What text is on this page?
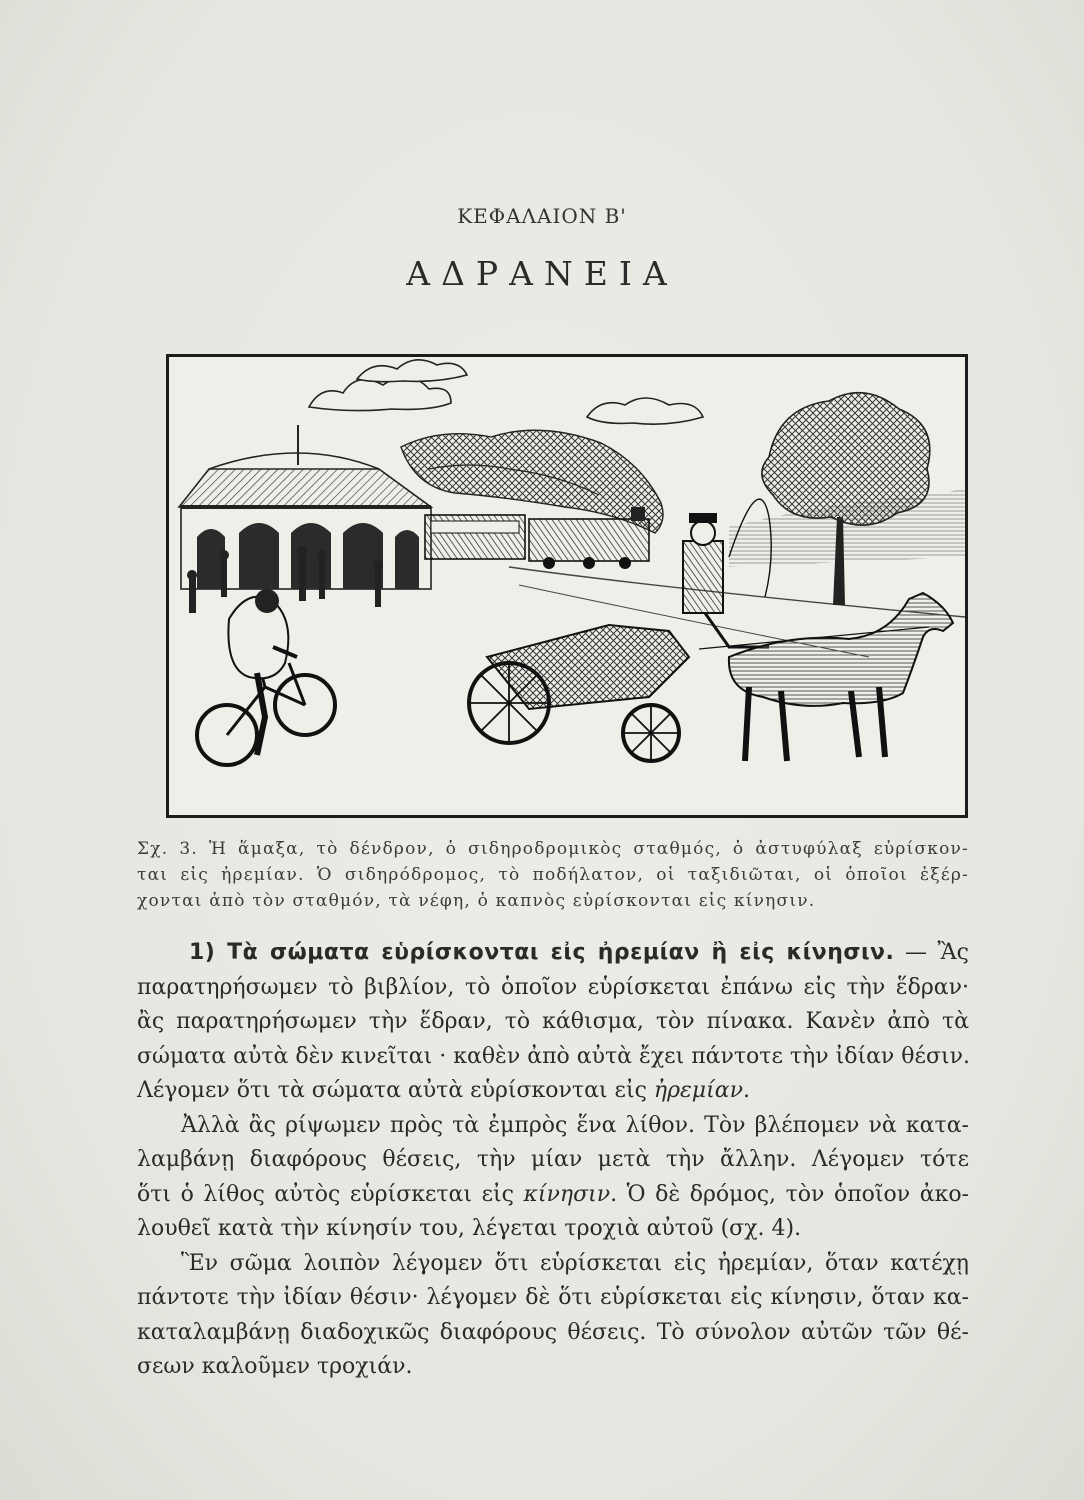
ΚΕΦΑΛΑΙΟΝ Β'
ΑΔΡΑΝΕΙΑ
Σχ. 3. Ἡ ἅμαξα, τὸ δένδρον, ὁ σιδηροδρομικὸς σταθμός, ὁ ἀστυφύλαξ εὑρίσκον-
ται εἰς ἠρεμίαν. Ὁ σιδηρόδρομος, τὸ ποδήλατον, οἱ ταξιδιῶται, οἱ ὁποῖοι ἐξέρ-
χονται ἀπὸ τὸν σταθμόν, τὰ νέφη, ὁ καπνὸς εὑρίσκονται εἰς κίνησιν.
1) Τὰ σώματα εὑρίσκονται εἰς ἠρεμίαν ἢ εἰς κίνησιν. — Ἂς
παρατηρήσωμεν τὸ βιβλίον, τὸ ὁποῖον εὑρίσκεται ἐπάνω εἰς τὴν ἕδραν·
ἂς παρατηρήσωμεν τὴν ἕδραν, τὸ κάθισμα, τὸν πίνακα. Κανὲν ἀπὸ τὰ
σώματα αὐτὰ δὲν κινεῖται · καθὲν ἀπὸ αὐτὰ ἔχει πάντοτε τὴν ἰδίαν θέσιν.
Λέγομεν ὅτι τὰ σώματα αὐτὰ εὑρίσκονται εἰς ἠρεμίαν.
Ἀλλὰ ἂς ρίψωμεν πρὸς τὰ ἐμπρὸς ἕνα λίθον. Τὸν βλέπομεν νὰ κατα-
λαμβάνῃ διαφόρους θέσεις, τὴν μίαν μετὰ τὴν ἄλλην. Λέγομεν τότε
ὅτι ὁ λίθος αὐτὸς εὑρίσκεται εἰς κίνησιν. Ὁ δὲ δρόμος, τὸν ὁποῖον ἀκο-
λουθεῖ κατὰ τὴν κίνησίν του, λέγεται τροχιὰ αὐτοῦ (σχ. 4).
Ἓν σῶμα λοιπὸν λέγομεν ὅτι εὑρίσκεται εἰς ἠρεμίαν, ὅταν κατέχῃ
πάντοτε τὴν ἰδίαν θέσιν· λέγομεν δὲ ὅτι εὑρίσκεται εἰς κίνησιν, ὅταν κα-
καταλαμβάνῃ διαδοχικῶς διαφόρους θέσεις. Τὸ σύνολον αὐτῶν τῶν θέ-
σεων καλοῦμεν τροχιάν.
